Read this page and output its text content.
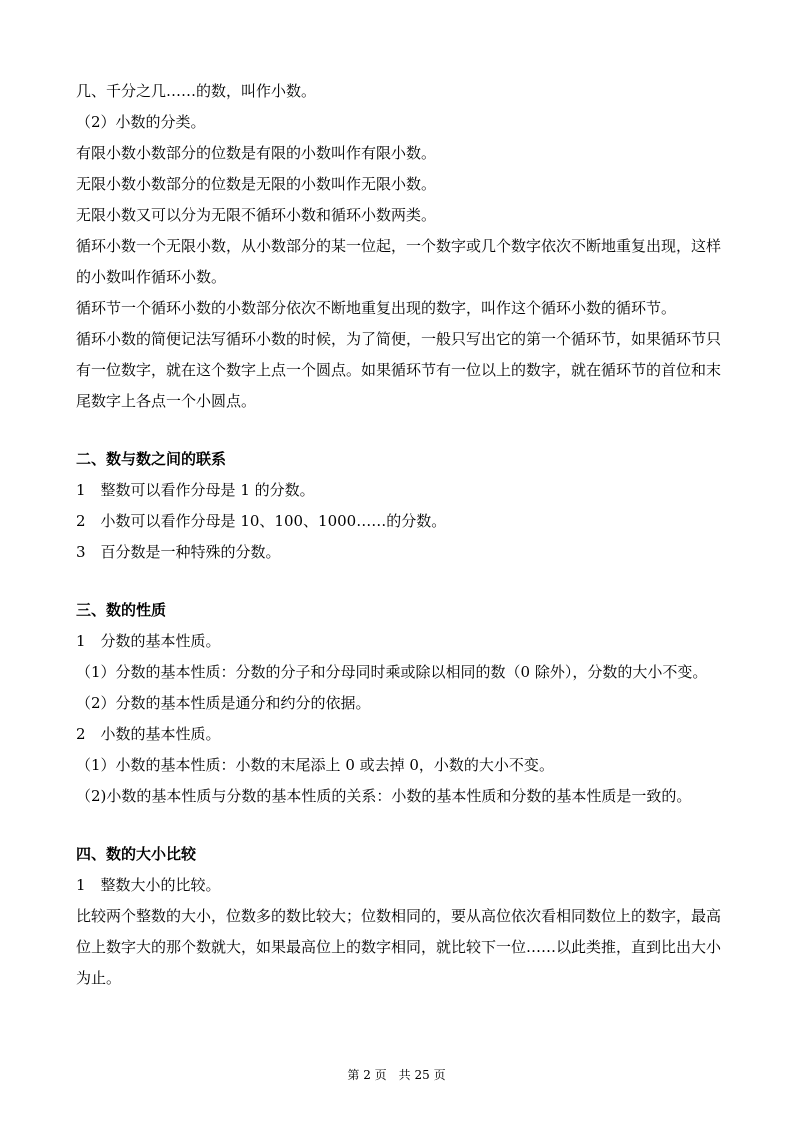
几、千分之几……的数，叫作小数。

（2）小数的分类。

有限小数小数部分的位数是有限的小数叫作有限小数。

无限小数小数部分的位数是无限的小数叫作无限小数。

无限小数又可以分为无限不循环小数和循环小数两类。

循环小数一个无限小数，从小数部分的某一位起，一个数字或几个数字依次不断地重复出现，这样的小数叫作循环小数。

循环节一个循环小数的小数部分依次不断地重复出现的数字，叫作这个循环小数的循环节。

循环小数的简便记法写循环小数的时候，为了简便，一般只写出它的第一个循环节，如果循环节只有一位数字，就在这个数字上点一个圆点。如果循环节有一位以上的数字，就在循环节的首位和末尾数字上各点一个小圆点。

二、数与数之间的联系

1　整数可以看作分母是 1 的分数。

2　小数可以看作分母是 10、100、1000……的分数。

3　百分数是一种特殊的分数。

三、数的性质

1　分数的基本性质。

（1）分数的基本性质：分数的分子和分母同时乘或除以相同的数（0 除外），分数的大小不变。

（2）分数的基本性质是通分和约分的依据。

2　小数的基本性质。

（1）小数的基本性质：小数的末尾添上 0 或去掉 0，小数的大小不变。

（2)小数的基本性质与分数的基本性质的关系：小数的基本性质和分数的基本性质是一致的。

四、数的大小比较

1　整数大小的比较。

比较两个整数的大小，位数多的数比较大；位数相同的，要从高位依次看相同数位上的数字，最高位上数字大的那个数就大，如果最高位上的数字相同，就比较下一位……以此类推，直到比出大小为止。

第 2 页　共 25 页
